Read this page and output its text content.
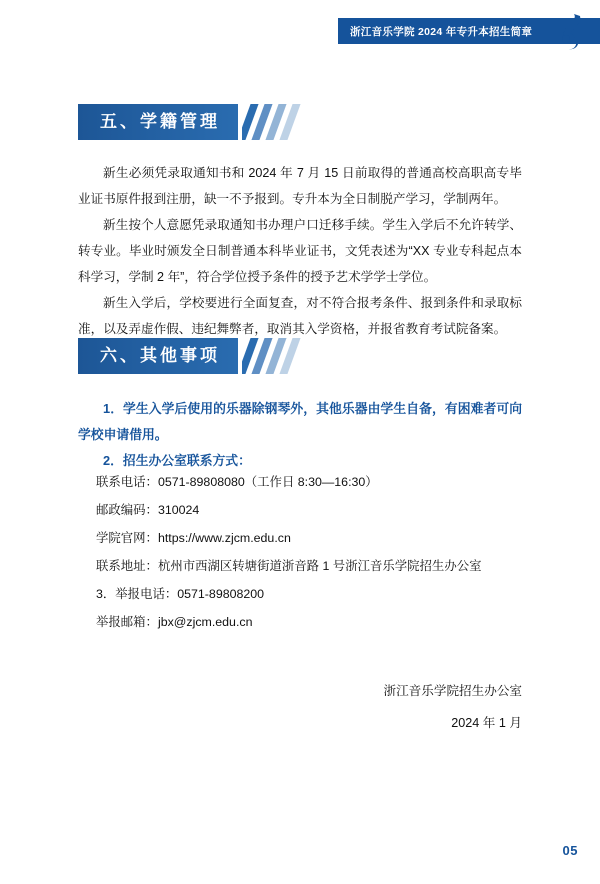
浙江音乐学院 2024 年专升本招生简章
五、学籍管理
新生必须凭录取通知书和 2024 年 7 月 15 日前取得的普通高校高职高专毕业证书原件报到注册，缺一不予报到。专升本为全日制脱产学习，学制两年。
新生按个人意愿凭录取通知书办理户口迁移手续。学生入学后不允许转学、转专业。毕业时颁发全日制普通本科毕业证书，文凭表述为“XX 专业专科起点本科学习，学制 2 年”，符合学位授予条件的授予艺术学学士学位。
新生入学后，学校要进行全面复查，对不符合报考条件、报到条件和录取标准，以及弄虚作假、违纪舞弊者，取消其入学资格，并报省教育考试院备案。
六、其他事项
1．学生入学后使用的乐器除钢琴外，其他乐器由学生自备，有困难者可向学校申请借用。
2．招生办公室联系方式：
联系电话：0571-89808080（工作日 8:30—16:30）
邮政编码：310024
学院官网：https://www.zjcm.edu.cn
联系地址：杭州市西湖区转塘街道浙音路 1 号浙江音乐学院招生办公室
3．举报电话：0571-89808200
举报邮箱：jbx@zjcm.edu.cn
浙江音乐学院招生办公室
2024 年 1 月
05
